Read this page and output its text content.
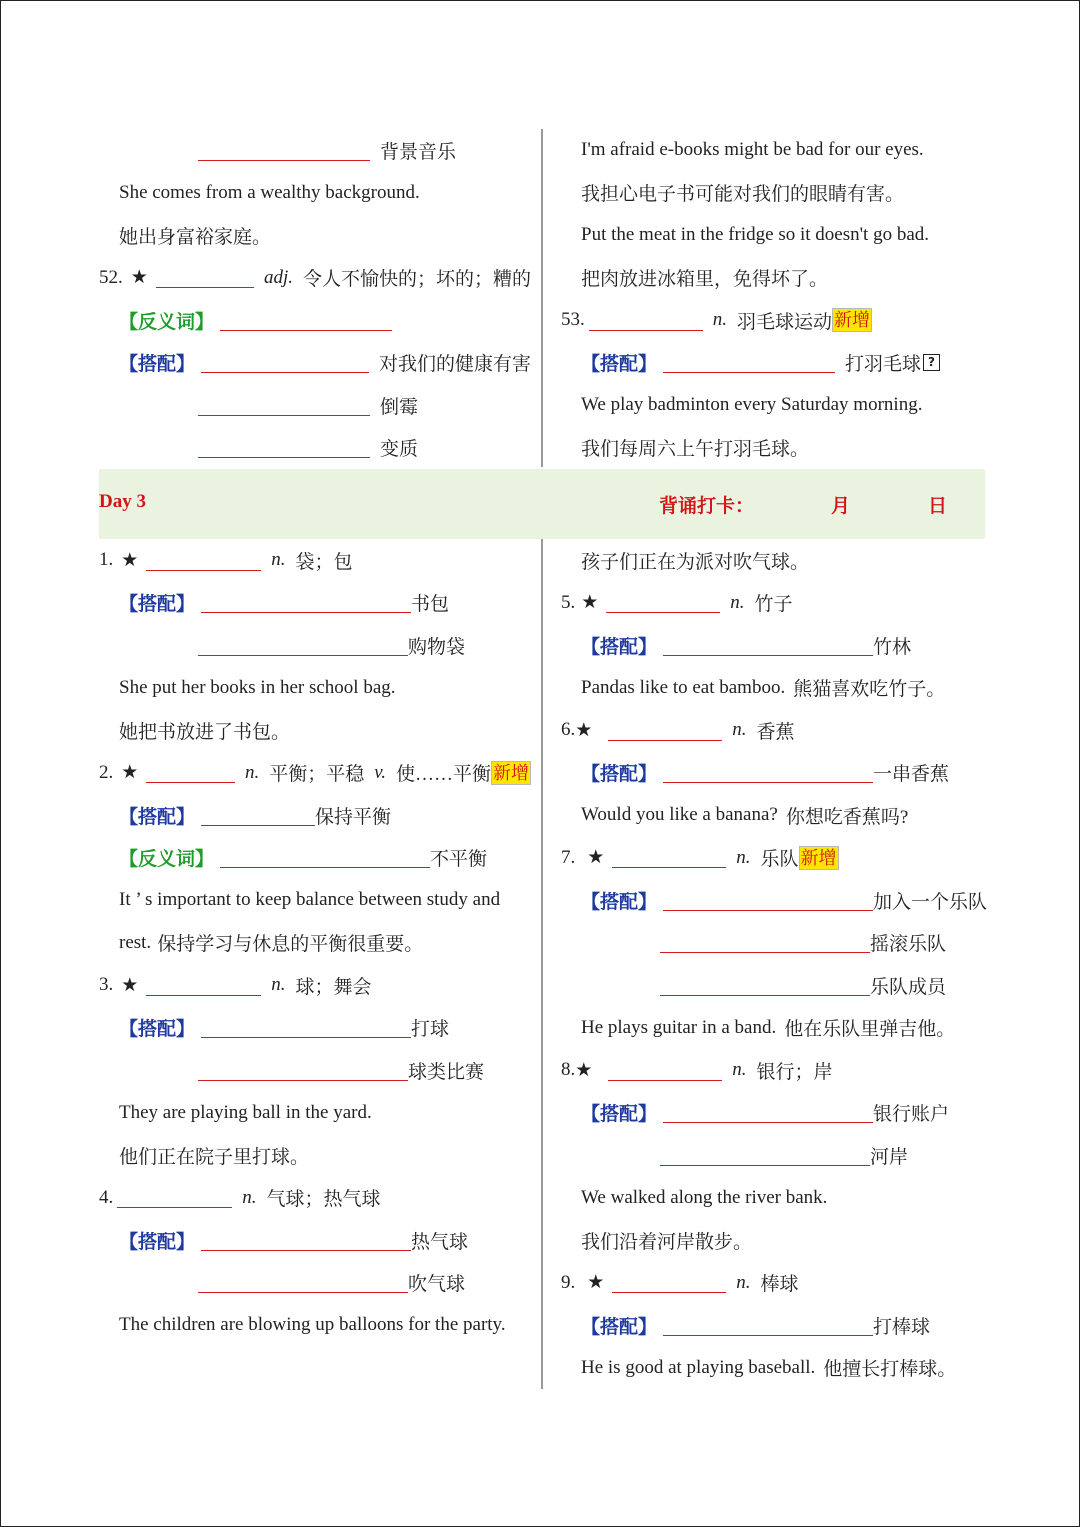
背景音乐
She comes from a wealthy background.
她出身富裕家庭。
52. ★	adj. 令人不愉快的；坏的；糟的
【反义词】
【搭配】	对我们的健康有害
倒霉
变质
I'm afraid e-books might be bad for our eyes.
我担心电子书可能对我们的眼睛有害。
Put the meat in the fridge so it doesn't go bad.
把肉放进冰箱里，免得坏了。
53.	n. 羽毛球运动 新增
【搭配】	打羽毛球 ?
We play badminton every Saturday morning.
我们每周六上午打羽毛球。
Day 3	背诵打卡：	月	日
1. ★	n. 袋；包
【搭配】	书包
购物袋
She put her books in her school bag.
她把书放进了书包。
2. ★	n. 平衡；平稳 v. 使……平衡 新增
【搭配】	保持平衡
【反义词】	不平衡
It ’ s important to keep balance between study and
rest. 保持学习与休息的平衡很重要。
3. ★	n. 球；舞会
【搭配】	打球
球类比赛
They are playing ball in the yard.
他们正在院子里打球。
4.	n. 气球；热气球
【搭配】	热气球
吹气球
The children are blowing up balloons for the party.
孩子们正在为派对吹气球。
5. ★	n. 竹子
【搭配】	竹林
Pandas like to eat bamboo. 熊猫喜欢吃竹子。
6. ★	n. 香蕉
【搭配】	一串香蕉
Would you like a banana? 你想吃香蕉吗?
7. ★	n. 乐队 新增
【搭配】	加入一个乐队
摇滚乐队
乐队成员
He plays guitar in a band. 他在乐队里弹吉他。
8. ★	n. 银行；岸
【搭配】	银行账户
河岸
We walked along the river bank.
我们沿着河岸散步。
9. ★	n. 棒球
【搭配】	打棒球
He is good at playing baseball. 他擅长打棒球。
